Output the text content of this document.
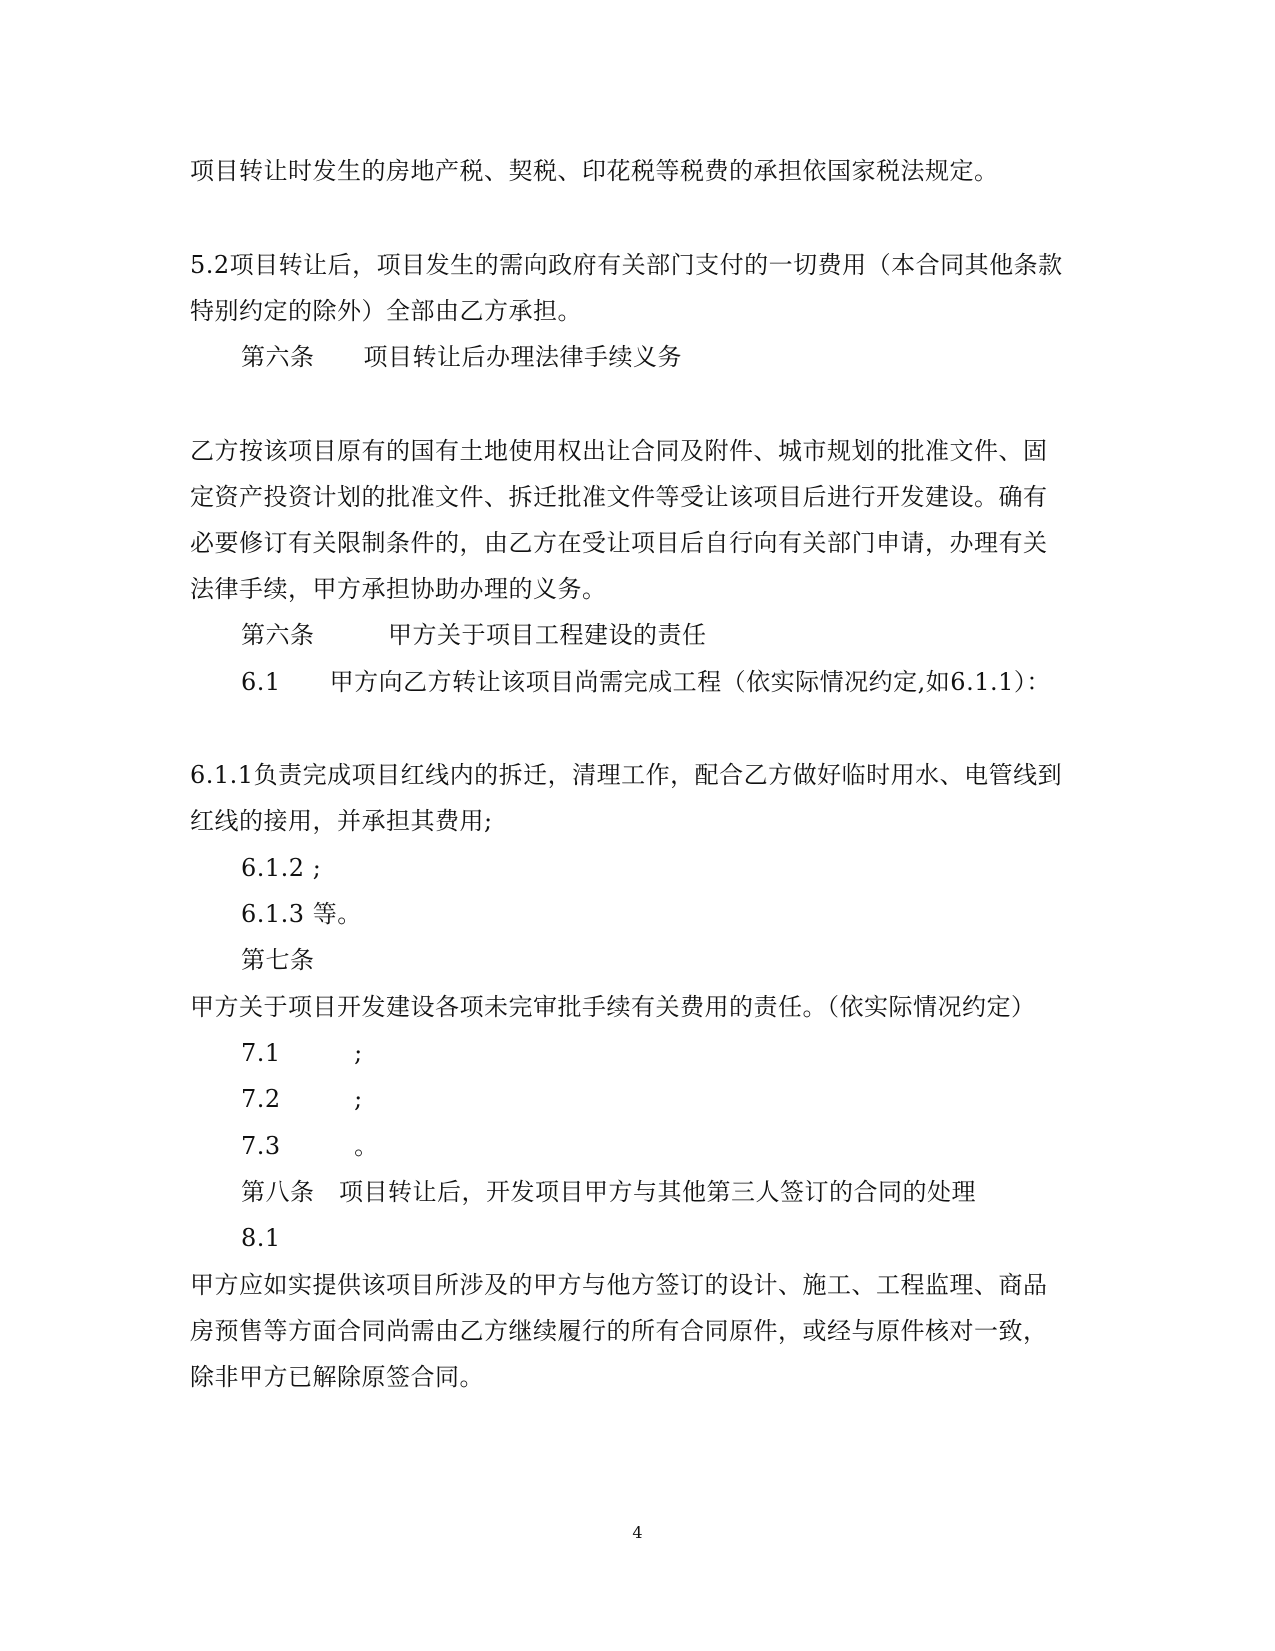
项目转让时发生的房地产税、契税、印花税等税费的承担依国家税法规定。
5.2项目转让后，项目发生的需向政府有关部门支付的一切费用（本合同其他条款
特别约定的除外）全部由乙方承担。
第六条　　项目转让后办理法律手续义务
乙方按该项目原有的国有土地使用权出让合同及附件、城市规划的批准文件、固
定资产投资计划的批准文件、拆迁批准文件等受让该项目后进行开发建设。确有
必要修订有关限制条件的，由乙方在受让项目后自行向有关部门申请，办理有关
法律手续，甲方承担协助办理的义务。
第六条　　　甲方关于项目工程建设的责任
6.1　　甲方向乙方转让该项目尚需完成工程（依实际情况约定,如6.1.1）：
6.1.1负责完成项目红线内的拆迁，清理工作，配合乙方做好临时用水、电管线到
红线的接用，并承担其费用;
6.1.2 ;
6.1.3 等。
第七条
甲方关于项目开发建设各项未完审批手续有关费用的责任。（依实际情况约定）
7.1　　　;
7.2　　　;
7.3　　　。
第八条　项目转让后，开发项目甲方与其他第三人签订的合同的处理
8.1
甲方应如实提供该项目所涉及的甲方与他方签订的设计、施工、工程监理、商品
房预售等方面合同尚需由乙方继续履行的所有合同原件，或经与原件核对一致，
除非甲方已解除原签合同。
4
